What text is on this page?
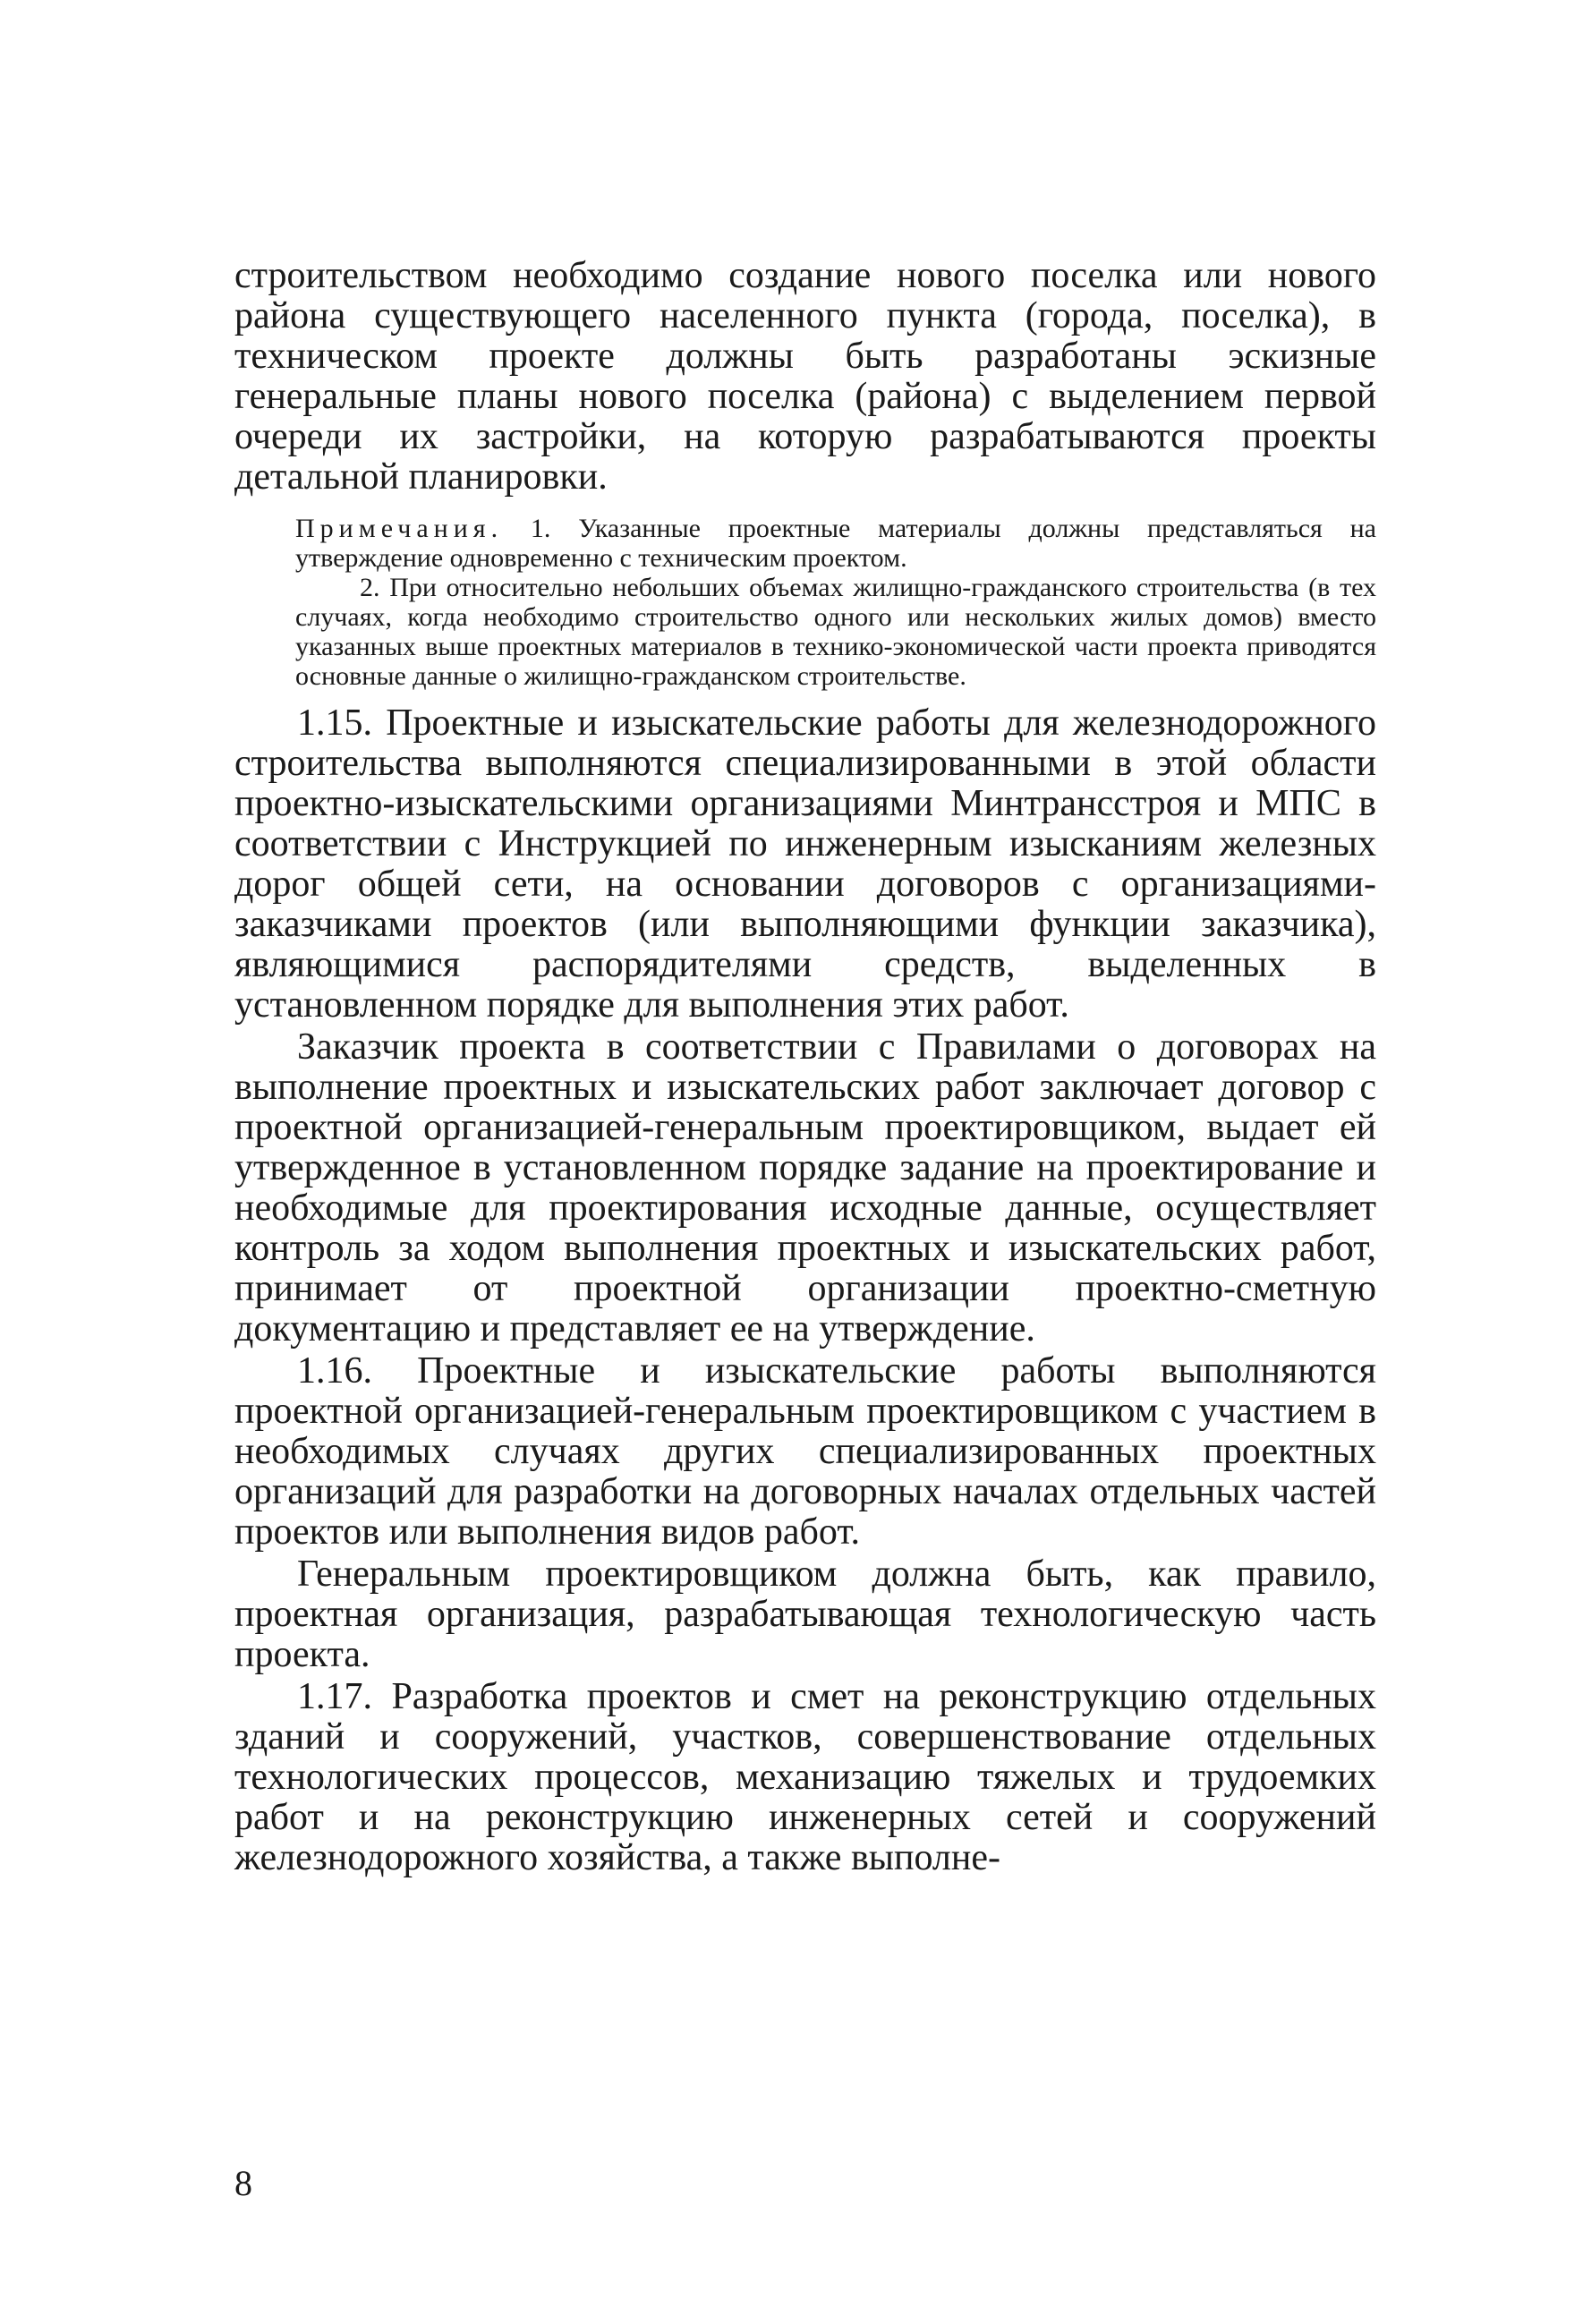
строительством необходимо создание нового поселка или нового района существующего населенного пункта (города, поселка), в техническом проекте должны быть разработаны эскизные генеральные планы нового поселка (района) с выделением первой очереди их застройки, на которую разрабатываются проекты детальной планировки.

Примечания. 1. Указанные проектные материалы должны представляться на утверждение одновременно с техническим проектом.

2. При относительно небольших объемах жилищно-гражданского строительства (в тех случаях, когда необходимо строительство одного или нескольких жилых домов) вместо указанных выше проектных материалов в технико-экономической части проекта приводятся основные данные о жилищно-гражданском строительстве.

1.15. Проектные и изыскательские работы для железнодорожного строительства выполняются специализированными в этой области проектно-изыскательскими организациями Минтрансстроя и МПС в соответствии с Инструкцией по инженерным изысканиям железных дорог общей сети, на основании договоров с организациями-заказчиками проектов (или выполняющими функции заказчика), являющимися распорядителями средств, выделенных в установленном порядке для выполнения этих работ.

Заказчик проекта в соответствии с Правилами о договорах на выполнение проектных и изыскательских работ заключает договор с проектной организацией-генеральным проектировщиком, выдает ей утвержденное в установленном порядке задание на проектирование и необходимые для проектирования исходные данные, осуществляет контроль за ходом выполнения проектных и изыскательских работ, принимает от проектной организации проектно-сметную документацию и представляет ее на утверждение.

1.16. Проектные и изыскательские работы выполняются проектной организацией-генеральным проектировщиком с участием в необходимых случаях других специализированных проектных организаций для разработки на договорных началах отдельных частей проектов или выполнения видов работ.

Генеральным проектировщиком должна быть, как правило, проектная организация, разрабатывающая технологическую часть проекта.

1.17. Разработка проектов и смет на реконструкцию отдельных зданий и сооружений, участков, совершенствование отдельных технологических процессов, механизацию тяжелых и трудоемких работ и на реконструкцию инженерных сетей и сооружений железнодорожного хозяйства, а также выполне-

8
